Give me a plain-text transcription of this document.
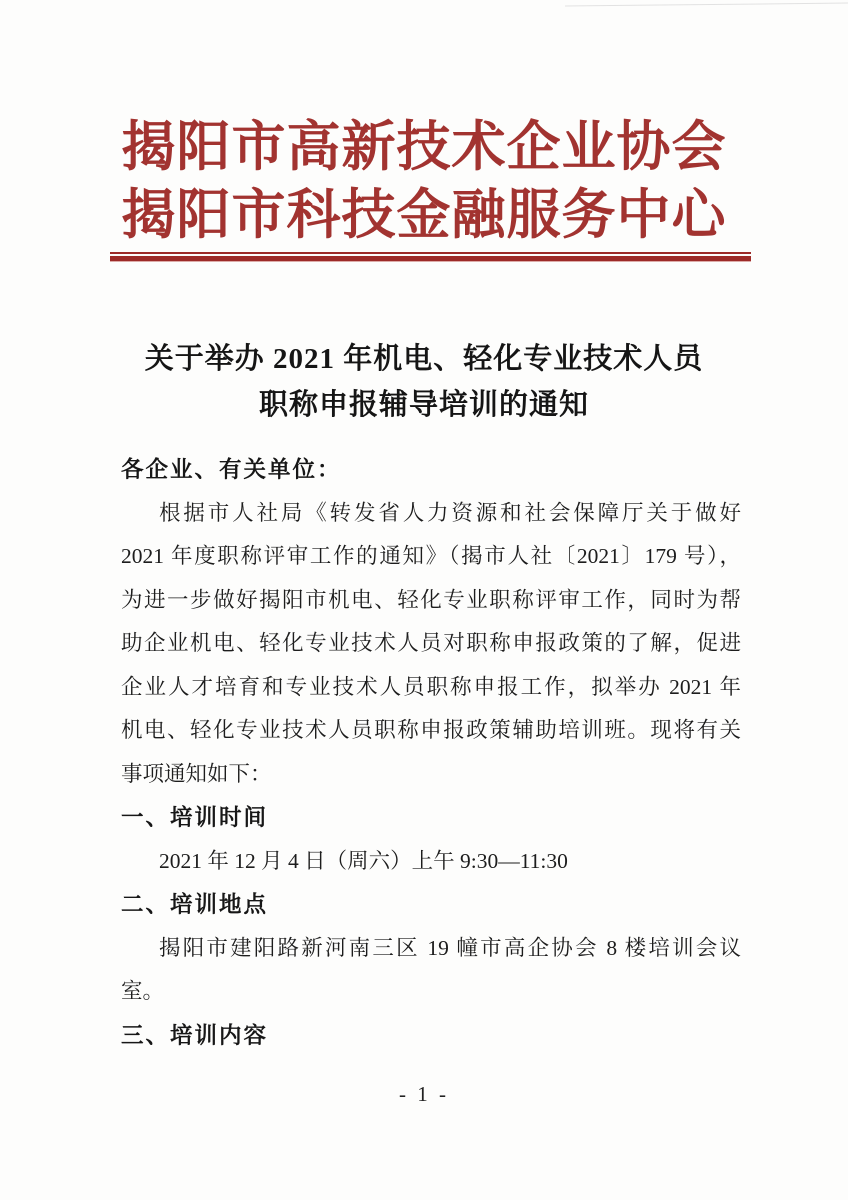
揭阳市高新技术企业协会
揭阳市科技金融服务中心
关于举办 2021 年机电、轻化专业技术人员
职称申报辅导培训的通知
各企业、有关单位：
根据市人社局《转发省人力资源和社会保障厅关于做好
2021 年度职称评审工作的通知》（揭市人社〔2021〕179 号），
为进一步做好揭阳市机电、轻化专业职称评审工作，同时为帮
助企业机电、轻化专业技术人员对职称申报政策的了解，促进
企业人才培育和专业技术人员职称申报工作，拟举办 2021 年
机电、轻化专业技术人员职称申报政策辅助培训班。现将有关
事项通知如下：
一、培训时间
2021 年 12 月 4 日（周六）上午 9:30—11:30
二、培训地点
揭阳市建阳路新河南三区 19 幢市高企协会 8 楼培训会议
室。
三、培训内容
- 1 -
